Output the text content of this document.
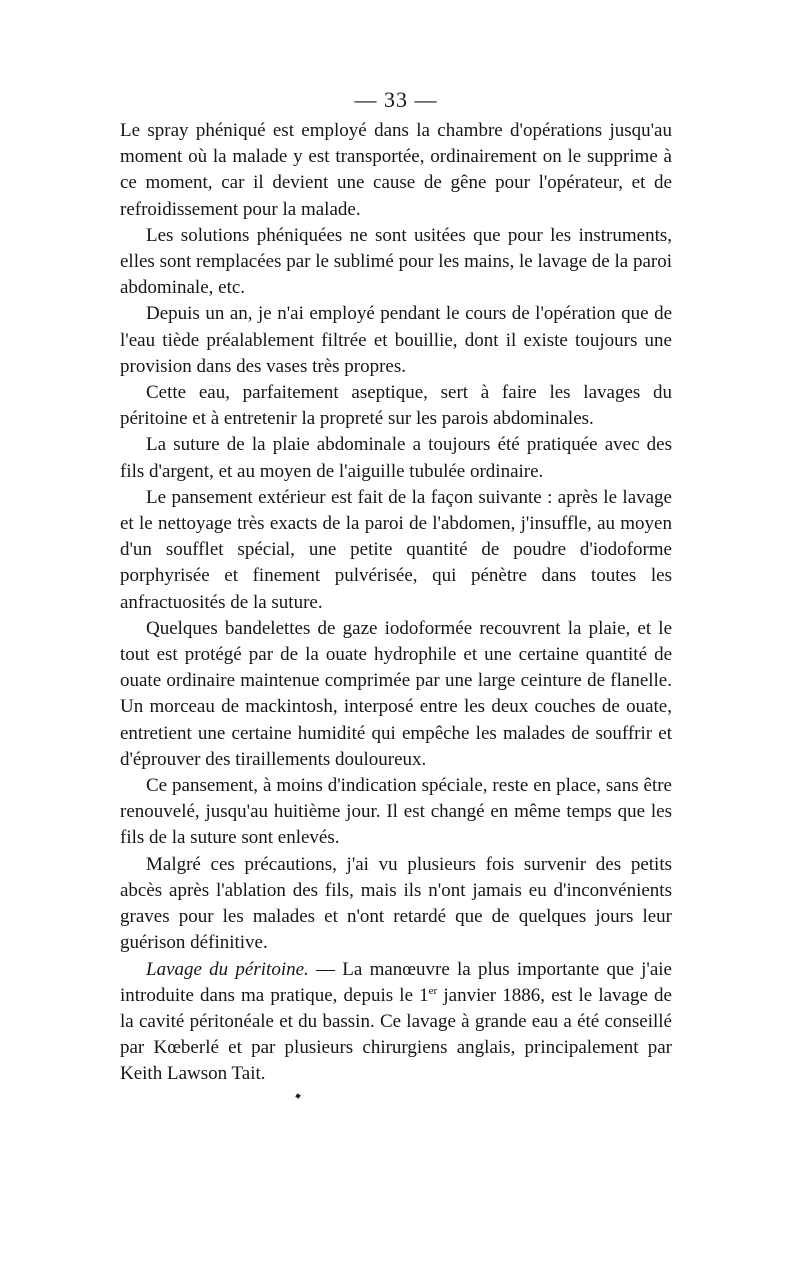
— 33 —

Le spray phéniqué est employé dans la chambre d'opérations jusqu'au moment où la malade y est transportée, ordinairement on le supprime à ce moment, car il devient une cause de gêne pour l'opérateur, et de refroidissement pour la malade.

Les solutions phéniquées ne sont usitées que pour les instruments, elles sont remplacées par le sublimé pour les mains, le lavage de la paroi abdominale, etc.

Depuis un an, je n'ai employé pendant le cours de l'opération que de l'eau tiède préalablement filtrée et bouillie, dont il existe toujours une provision dans des vases très propres.

Cette eau, parfaitement aseptique, sert à faire les lavages du péritoine et à entretenir la propreté sur les parois abdominales.

La suture de la plaie abdominale a toujours été pratiquée avec des fils d'argent, et au moyen de l'aiguille tubulée ordinaire.

Le pansement extérieur est fait de la façon suivante : après le lavage et le nettoyage très exacts de la paroi de l'abdomen, j'insuffle, au moyen d'un soufflet spécial, une petite quantité de poudre d'iodoforme porphyrisée et finement pulvérisée, qui pénètre dans toutes les anfractuosités de la suture.

Quelques bandelettes de gaze iodoformée recouvrent la plaie, et le tout est protégé par de la ouate hydrophile et une certaine quantité de ouate ordinaire maintenue comprimée par une large ceinture de flanelle. Un morceau de mackintosh, interposé entre les deux couches de ouate, entretient une certaine humidité qui empêche les malades de souffrir et d'éprouver des tiraillements douloureux.

Ce pansement, à moins d'indication spéciale, reste en place, sans être renouvelé, jusqu'au huitième jour. Il est changé en même temps que les fils de la suture sont enlevés.

Malgré ces précautions, j'ai vu plusieurs fois survenir des petits abcès après l'ablation des fils, mais ils n'ont jamais eu d'inconvénients graves pour les malades et n'ont retardé que de quelques jours leur guérison définitive.

Lavage du péritoine. — La manœuvre la plus importante que j'aie introduite dans ma pratique, depuis le 1er janvier 1886, est le lavage de la cavité péritonéale et du bassin. Ce lavage à grande eau a été conseillé par Kœberlé et par plusieurs chirurgiens anglais, principalement par Keith Lawson Tait.
